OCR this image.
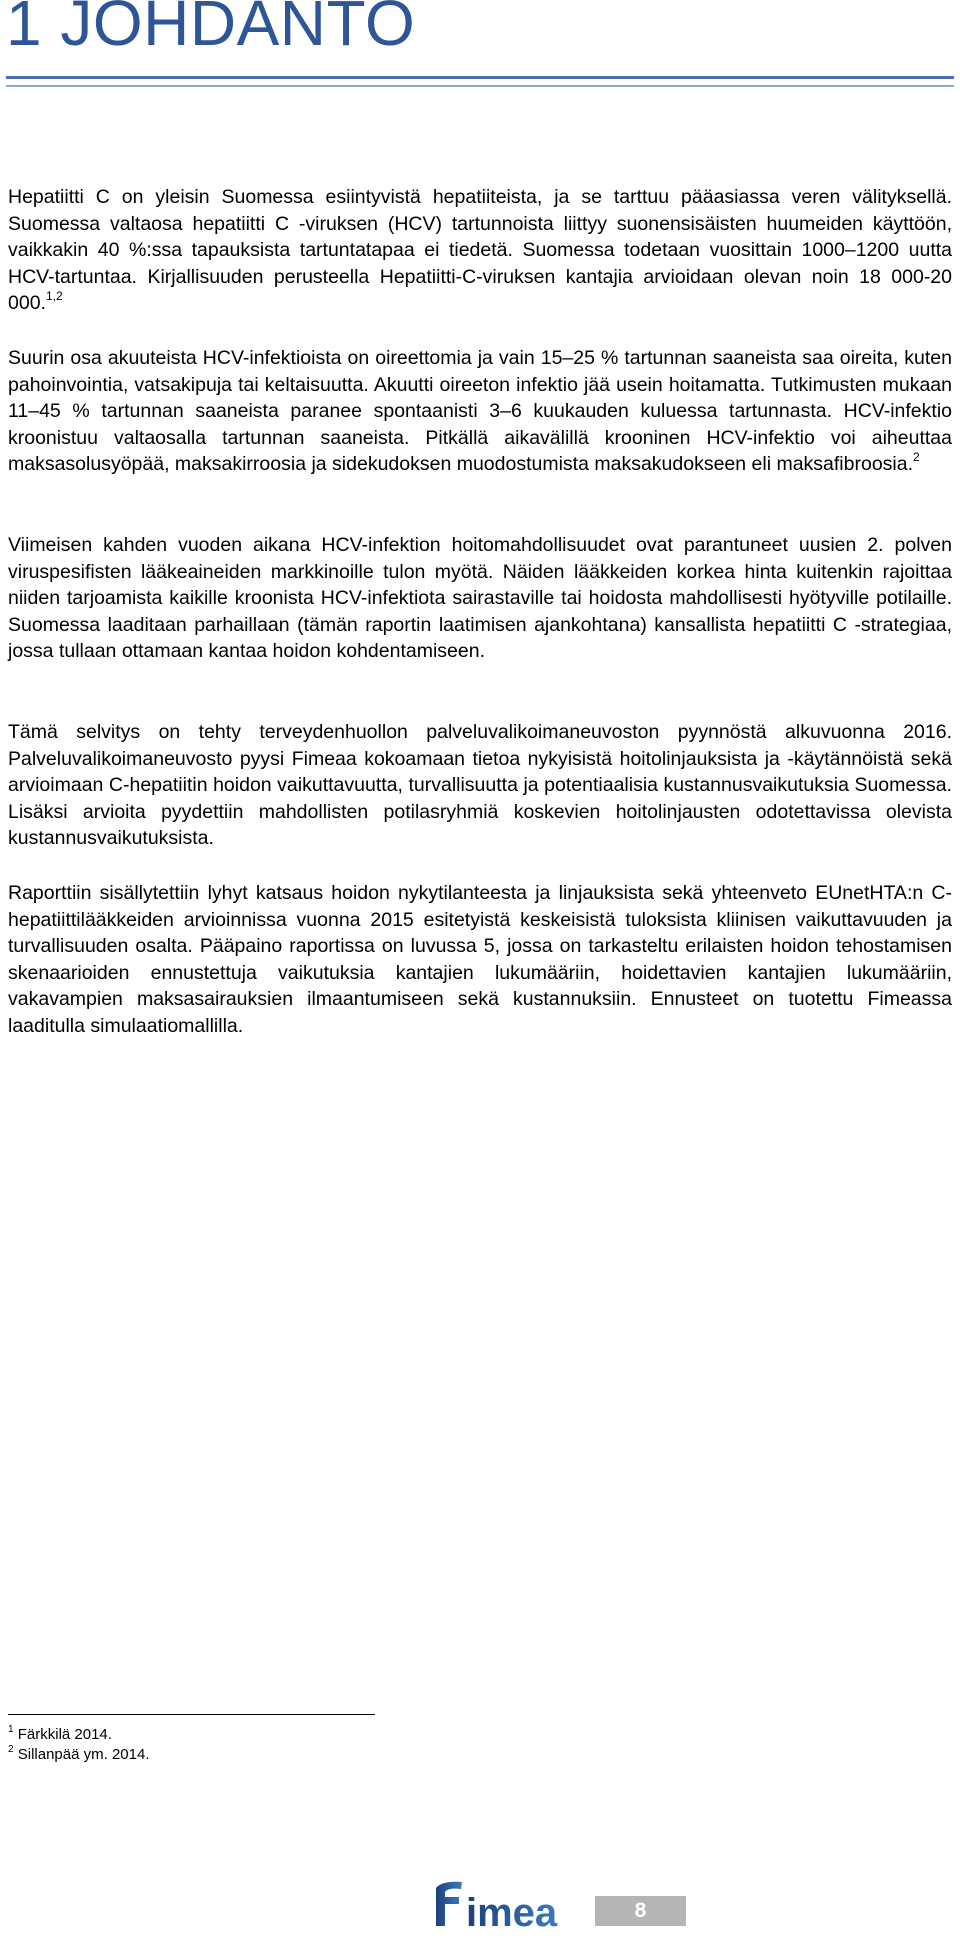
1 JOHDANTO

Hepatiitti C on yleisin Suomessa esiintyvistä hepatiiteista, ja se tarttuu pääasiassa veren välityksellä. Suomessa valtaosa hepatiitti C -viruksen (HCV) tartunnoista liittyy suonensisäisten huumeiden käyttöön, vaikkakin 40 %:ssa tapauksista tartuntatapaa ei tiedetä. Suomessa todetaan vuosittain 1000–1200 uutta HCV-tartuntaa. Kirjallisuuden perusteella Hepatiitti-C-viruksen kantajia arvioidaan olevan noin 18 000-20 000.$^{1,2}$

Suurin osa akuuteista HCV-infektioista on oireettomia ja vain 15–25 % tartunnan saaneista saa oireita, kuten pahoinvointia, vatsakipuja tai keltaisuutta. Akuutti oireeton infektio jää usein hoitamatta. Tutkimusten mukaan 11–45 % tartunnan saaneista paranee spontaanisti 3–6 kuukauden kuluessa tartunnasta. HCV-infektio kroonistuu valtaosalla tartunnan saaneista. Pitkällä aikavälillä krooninen HCV-infektio voi aiheuttaa maksasolusyöpää, maksakirroosia ja sidekudoksen muodostumista maksakudokseen eli maksafibroosia.$^2$

Viimeisen kahden vuoden aikana HCV-infektion hoitomahdollisuudet ovat parantuneet uusien 2. polven viruspesifisten lääkeaineiden markkinoille tulon myötä. Näiden lääkkeiden korkea hinta kuitenkin rajoittaa niiden tarjoamista kaikille kroonista HCV-infektiota sairastaville tai hoidosta mahdollisesti hyötyville potilaille. Suomessa laaditaan parhaillaan (tämän raportin laatimisen ajankohtana) kansallista hepatiitti C -strategiaa, jossa tullaan ottamaan kantaa hoidon kohdentamiseen.

Tämä selvitys on tehty terveydenhuollon palveluvalikoimaneuvoston pyynnöstä alkuvuonna 2016. Palveluvalikoimaneuvosto pyysi Fimeaa kokoamaan tietoa nykyisistä hoitolinjauksista ja -käytännöistä sekä arvioimaan C-hepatiitin hoidon vaikuttavuutta, turvallisuutta ja potentiaalisia kustannusvaikutuksia Suomessa. Lisäksi arvioita pyydettiin mahdollisten potilasryhmiä koskevien hoitolinjausten odotettavissa olevista kustannusvaikutuksista.

Raporttiin sisällytettiin lyhyt katsaus hoidon nykytilanteesta ja linjauksista sekä yhteenveto EUnetHTA:n C-hepatiittilääkkeiden arvioinnissa vuonna 2015 esitetyistä keskeisistä tuloksista kliinisen vaikuttavuuden ja turvallisuuden osalta. Pääpaino raportissa on luvussa 5, jossa on tarkasteltu erilaisten hoidon tehostamisen skenaarioiden ennustettuja vaikutuksia kantajien lukumääriin, hoidettavien kantajien lukumääriin, vakavampien maksasairauksien ilmaantumiseen sekä kustannuksiin. Ennusteet on tuotettu Fimeassa laaditulla simulaatiomallilla.

$^1$ Färkkilä 2014.
$^2$ Sillanpää ym. 2014.
imea	8
